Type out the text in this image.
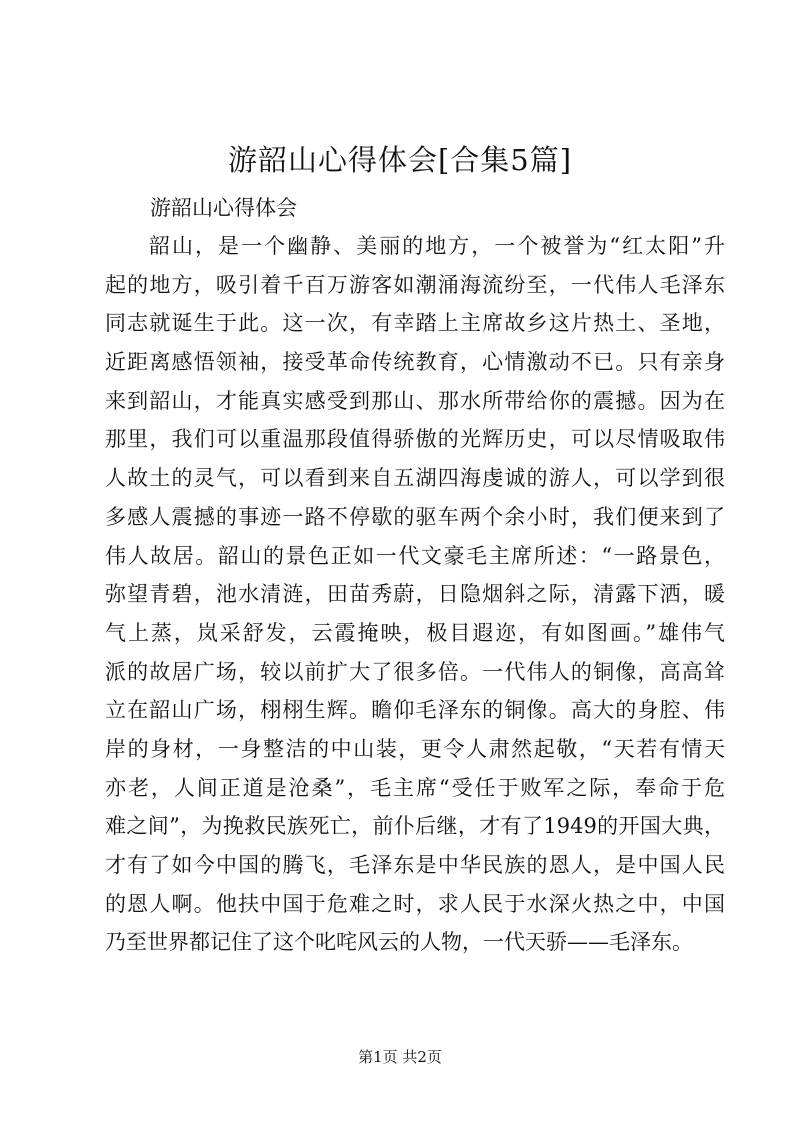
游韶山心得体会[合集5篇]
游韶山心得体会
韶山，是一个幽静、美丽的地方，一个被誉为“红太阳”升
起的地方，吸引着千百万游客如潮涌海流纷至，一代伟人毛泽东
同志就诞生于此。这一次，有幸踏上主席故乡这片热土、圣地，
近距离感悟领袖，接受革命传统教育，心情激动不已。只有亲身
来到韶山，才能真实感受到那山、那水所带给你的震撼。因为在
那里，我们可以重温那段值得骄傲的光辉历史，可以尽情吸取伟
人故土的灵气，可以看到来自五湖四海虔诚的游人，可以学到很
多感人震撼的事迹一路不停歇的驱车两个余小时，我们便来到了
伟人故居。韶山的景色正如一代文豪毛主席所述：“一路景色，
弥望青碧，池水清涟，田苗秀蔚，日隐烟斜之际，清露下洒，暖
气上蒸，岚采舒发，云霞掩映，极目遐迩，有如图画。”雄伟气
派的故居广场，较以前扩大了很多倍。一代伟人的铜像，高高耸
立在韶山广场，栩栩生辉。瞻仰毛泽东的铜像。高大的身腔、伟
岸的身材，一身整洁的中山装，更令人肃然起敬，“天若有情天
亦老，人间正道是沧桑”，毛主席“受任于败军之际，奉命于危
难之间”，为挽救民族死亡，前仆后继，才有了1949的开国大典，
才有了如今中国的腾飞，毛泽东是中华民族的恩人，是中国人民
的恩人啊。他扶中国于危难之时，求人民于水深火热之中，中国
乃至世界都记住了这个叱咤风云的人物，一代天骄——毛泽东。
第1页 共2页
